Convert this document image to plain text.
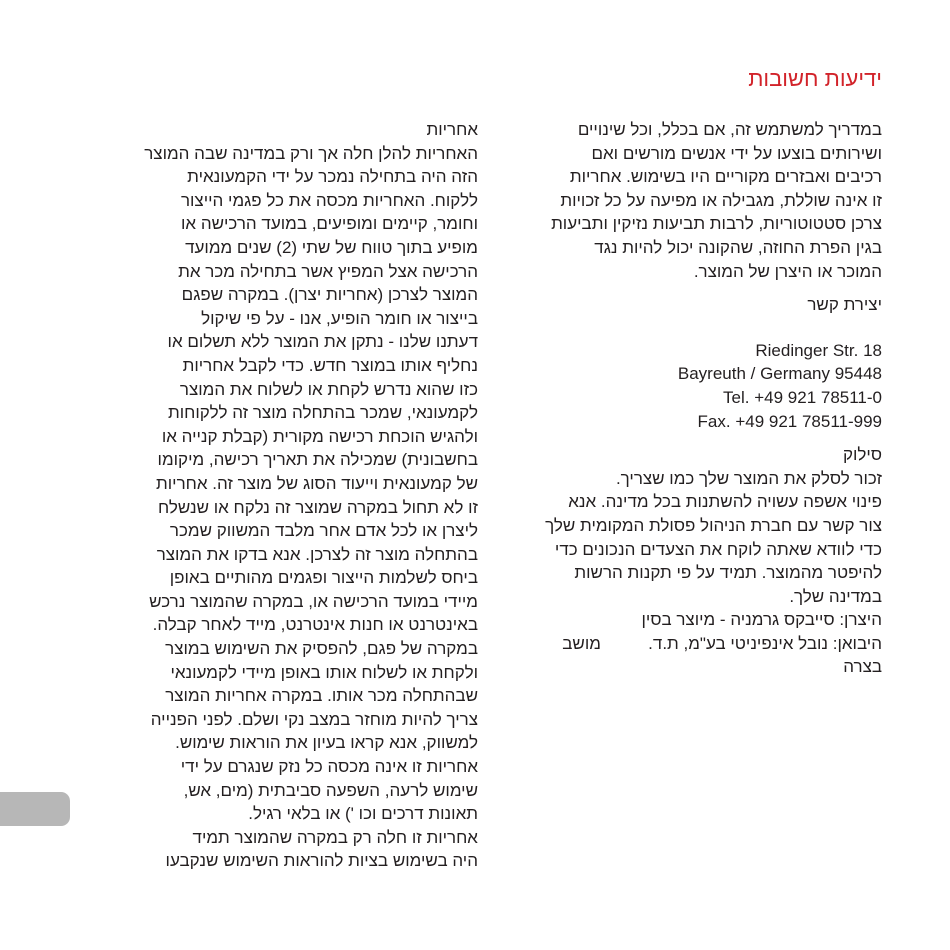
ידיעות חשובות

במדריך למשתמש זה, אם בכלל, וכל שינויים

ושירותים בוצעו על ידי אנשים מורשים ואם

רכיבים ואבזרים מקוריים היו בשימוש. אחריות

זו אינה שוללת, מגבילה או מפיעה על כל זכויות

צרכן סטטוטוריות, לרבות תביעות נזיקין ותביעות

בגין הפרת החוזה, שהקונה יכול להיות נגד

המוכר או היצרן של המוצר.

יצירת קשר

Riedinger Str. 18

Bayreuth / Germany 95448

Tel. +49 921 78511-0

Fax. +49 921 78511-999

סילוק

זכור לסלק את המוצר שלך כמו שצריך.

פינוי אשפה עשויה להשתנות בכל מדינה. אנא

צור קשר עם חברת הניהול פסולת המקומית שלך

כדי לוודא שאתה לוקח את הצעדים הנכונים כדי

להיפטר מהמוצר. תמיד על פי תקנות הרשות

במדינה שלך.

היצרן: סייבקס גרמניה - מיוצר בסין

היבואן: נובל אינפיניטי בע"מ, ת.ד.          מושב

בצרה

אחריות

האחריות להלן חלה אך ורק במדינה שבה המוצר

הזה היה בתחילה נמכר על ידי הקמעונאית

ללקוח. האחריות מכסה את כל פגמי הייצור

וחומר, קיימים ומופיעים, במועד הרכישה או

מופיע בתוך טווח של שתי (2) שנים ממועד

הרכישה אצל המפיץ אשר בתחילה מכר את

המוצר לצרכן (אחריות יצרן). במקרה שפגם

בייצור או חומר הופיע, אנו - על פי שיקול

דעתנו שלנו - נתקן את המוצר ללא תשלום או

נחליף אותו במוצר חדש. כדי לקבל אחריות

כזו שהוא נדרש לקחת או לשלוח את המוצר

לקמעונאי, שמכר בהתחלה מוצר זה ללקוחות

ולהגיש הוכחת רכישה מקורית (קבלת קנייה או

בחשבונית) שמכילה את תאריך רכישה, מיקומו

של קמעונאית וייעוד הסוג של מוצר זה. אחריות

זו לא תחול במקרה שמוצר זה נלקח או שנשלח

ליצרן או לכל אדם אחר מלבד המשווק שמכר

בהתחלה מוצר זה לצרכן. אנא בדקו את המוצר

ביחס לשלמות הייצור ופגמים מהותיים באופן

מיידי במועד הרכישה או, במקרה שהמוצר נרכש

באינטרנט או חנות אינטרנט, מייד לאחר קבלה.

במקרה של פגם, להפסיק את השימוש במוצר

ולקחת או לשלוח אותו באופן מיידי לקמעונאי

שבהתחלה מכר אותו. במקרה אחריות המוצר

צריך להיות מוחזר במצב נקי ושלם. לפני הפנייה

למשווק, אנא קראו בעיון את הוראות שימוש.

אחריות זו אינה מכסה כל נזק שנגרם על ידי

שימוש לרעה, השפעה סביבתית (מים, אש,

תאונות דרכים וכו ') או בלאי רגיל.

אחריות זו חלה רק במקרה שהמוצר תמיד

היה בשימוש בציות להוראות השימוש שנקבעו
